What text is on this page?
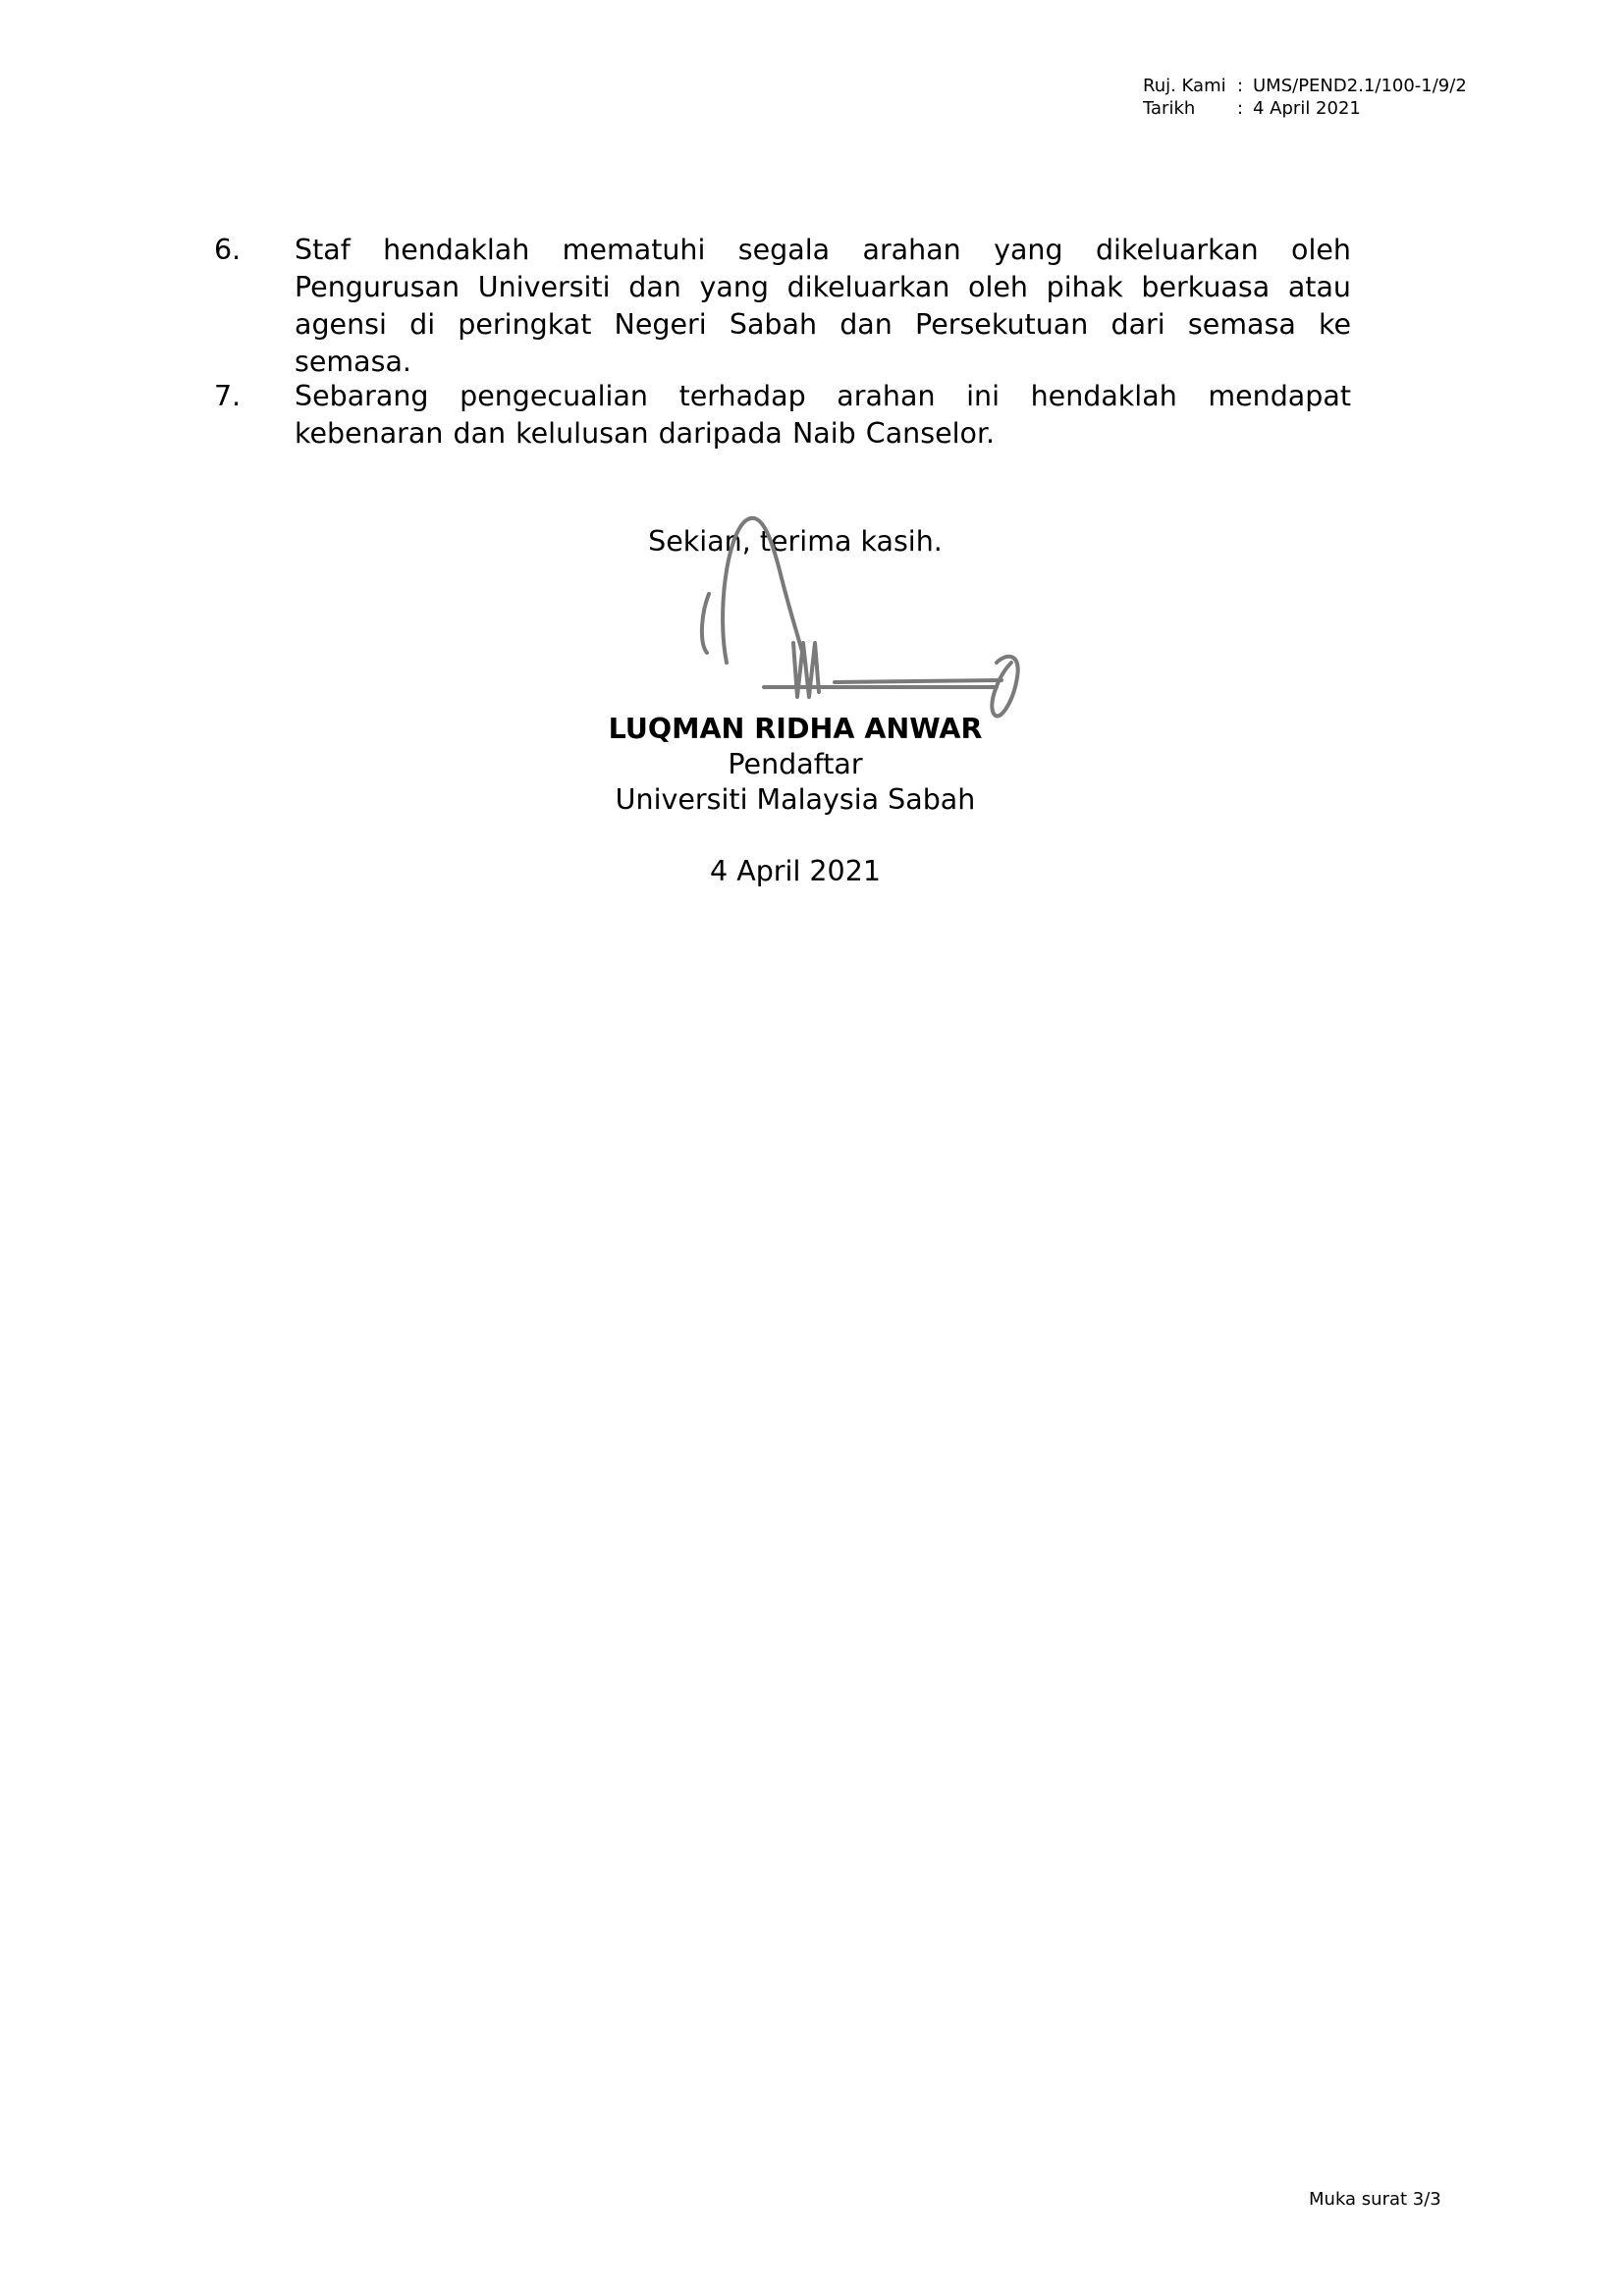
Ruj. Kami : UMS/PEND2.1/100-1/9/2
Tarikh	: 4 April 2021
6. Staf hendaklah mematuhi segala arahan yang dikeluarkan oleh Pengurusan Universiti dan yang dikeluarkan oleh pihak berkuasa atau agensi di peringkat Negeri Sabah dan Persekutuan dari semasa ke semasa.
7. Sebarang pengecualian terhadap arahan ini hendaklah mendapat kebenaran dan kelulusan daripada Naib Canselor.
Sekian, terima kasih.
LUQMAN RIDHA ANWAR
Pendaftar
Universiti Malaysia Sabah
4 April 2021
Muka surat 3/3
